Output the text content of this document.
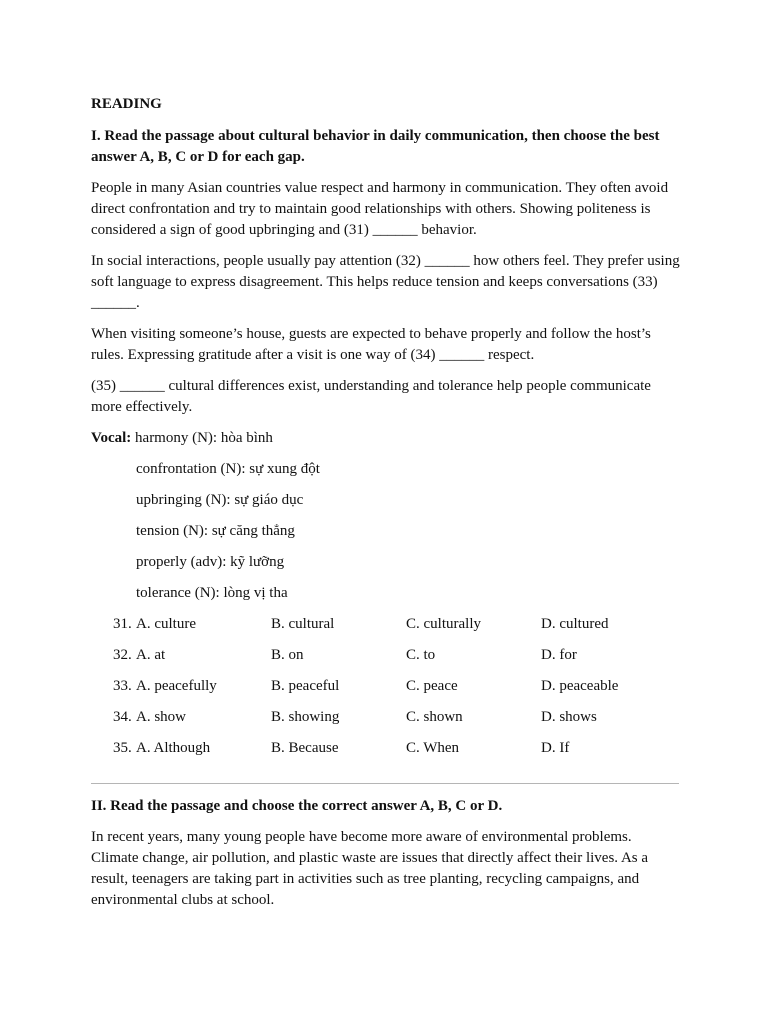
READING
I. Read the passage about cultural behavior in daily communication, then choose the best answer A, B, C or D for each gap.
People in many Asian countries value respect and harmony in communication. They often avoid direct confrontation and try to maintain good relationships with others. Showing politeness is considered a sign of good upbringing and (31) ______ behavior.
In social interactions, people usually pay attention (32) ______ how others feel. They prefer using soft language to express disagreement. This helps reduce tension and keeps conversations (33) ______.
When visiting someone’s house, guests are expected to behave properly and follow the host’s rules. Expressing gratitude after a visit is one way of (34) ______ respect.
(35) ______ cultural differences exist, understanding and tolerance help people communicate more effectively.
Vocal: harmony (N): hòa bình
confrontation (N): sự xung đột
upbringing (N): sự giáo dục
tension (N): sự căng thẳng
properly (adv): kỹ lưỡng
tolerance (N): lòng vị tha
31. A. culture	B. cultural	C. culturally	D. cultured
32. A. at	B. on	C. to	D. for
33. A. peacefully	B. peaceful	C. peace	D. peaceable
34. A. show	B. showing	C. shown	D. shows
35. A. Although	B. Because	C. When	D. If
II. Read the passage and choose the correct answer A, B, C or D.
In recent years, many young people have become more aware of environmental problems. Climate change, air pollution, and plastic waste are issues that directly affect their lives. As a result, teenagers are taking part in activities such as tree planting, recycling campaigns, and environmental clubs at school.
